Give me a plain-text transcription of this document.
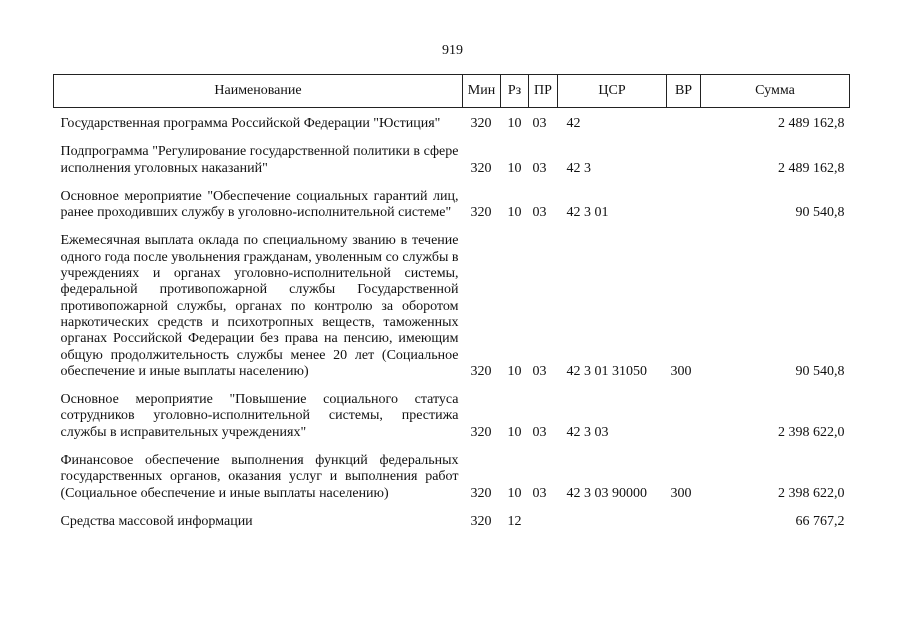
919
Наименование	Мин	Рз	ПР	ЦСР	ВР	Сумма
Государственная программа Российской Федерации "Юстиция"	320	10	03	42		2 489 162,8
Подпрограмма "Регулирование государственной политики в сфере исполнения уголовных наказаний"	320	10	03	42 3		2 489 162,8
Основное мероприятие "Обеспечение социальных гарантий лиц, ранее проходивших службу в уголовно-исполнительной системе"	320	10	03	42 3 01		90 540,8
Ежемесячная выплата оклада по специальному званию в течение одного года после увольнения гражданам, уволенным со службы в учреждениях и органах уголовно-исполнительной системы, федеральной противопожарной службы Государственной противопожарной службы, органах по контролю за оборотом наркотических средств и психотропных веществ, таможенных органах Российской Федерации без права на пенсию, имеющим общую продолжительность службы менее 20 лет (Социальное обеспечение и иные выплаты населению)	320	10	03	42 3 01 31050	300	90 540,8
Основное мероприятие "Повышение социального статуса сотрудников уголовно-исполнительной системы, престижа службы в исправительных учреждениях"	320	10	03	42 3 03		2 398 622,0
Финансовое обеспечение выполнения функций федеральных государственных органов, оказания услуг и выполнения работ (Социальное обеспечение и иные выплаты населению)	320	10	03	42 3 03 90000	300	2 398 622,0
Средства массовой информации	320	12				66 767,2
